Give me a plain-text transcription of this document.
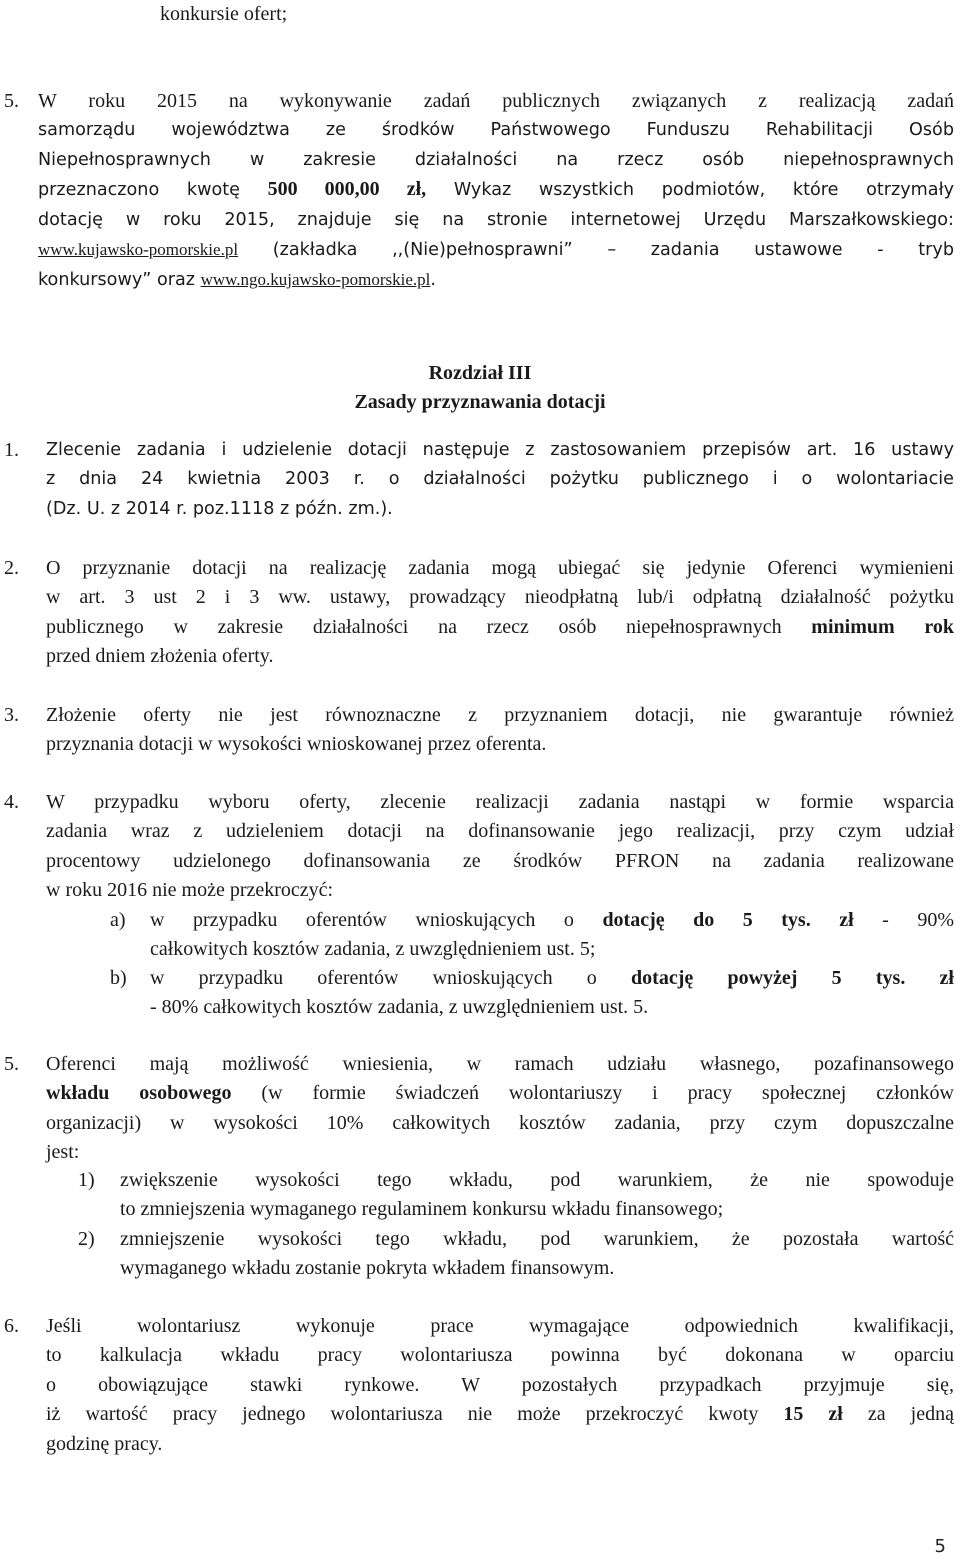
konkursie ofert;
5. W roku 2015 na wykonywanie zadań publicznych związanych z realizacją zadań
samorządu województwa ze środków Państwowego Funduszu Rehabilitacji Osób
Niepełnosprawnych w zakresie działalności na rzecz osób niepełnosprawnych
przeznaczono kwotę 500 000,00 zł, Wykaz wszystkich podmiotów, które otrzymały
dotację w roku 2015, znajduje się na stronie internetowej Urzędu Marszałkowskiego:
www.kujawsko-pomorskie.pl (zakładka ,,(Nie)pełnosprawni” – zadania ustawowe - tryb
konkursowy” oraz www.ngo.kujawsko-pomorskie.pl.
Rozdział III
Zasady przyznawania dotacji
1. Zlecenie zadania i udzielenie dotacji następuje z zastosowaniem przepisów art. 16 ustawy
z dnia 24 kwietnia 2003 r. o działalności pożytku publicznego i o wolontariacie
(Dz. U. z 2014 r. poz.1118 z późn. zm.).
2. O przyznanie dotacji na realizację zadania mogą ubiegać się jedynie Oferenci wymienieni
w art. 3 ust 2 i 3 ww. ustawy, prowadzący nieodpłatną lub/i odpłatną działalność pożytku
publicznego w zakresie działalności na rzecz osób niepełnosprawnych minimum rok
przed dniem złożenia oferty.
3. Złożenie oferty nie jest równoznaczne z przyznaniem dotacji, nie gwarantuje również
przyznania dotacji w wysokości wnioskowanej przez oferenta.
4. W przypadku wyboru oferty, zlecenie realizacji zadania nastąpi w formie wsparcia
zadania wraz z udzieleniem dotacji na dofinansowanie jego realizacji, przy czym udział
procentowy udzielonego dofinansowania ze środków PFRON na zadania realizowane
w roku 2016 nie może przekroczyć:
a) w przypadku oferentów wnioskujących o dotację do 5 tys. zł - 90%
całkowitych kosztów zadania, z uwzględnieniem ust. 5;
b) w przypadku oferentów wnioskujących o dotację powyżej 5 tys. zł
- 80% całkowitych kosztów zadania, z uwzględnieniem ust. 5.
5. Oferenci mają możliwość wniesienia, w ramach udziału własnego, pozafinansowego
wkładu osobowego (w formie świadczeń wolontariuszy i pracy społecznej członków
organizacji) w wysokości 10% całkowitych kosztów zadania, przy czym dopuszczalne
jest:
1) zwiększenie wysokości tego wkładu, pod warunkiem, że nie spowoduje
to zmniejszenia wymaganego regulaminem konkursu wkładu finansowego;
2) zmniejszenie wysokości tego wkładu, pod warunkiem, że pozostała wartość
wymaganego wkładu zostanie pokryta wkładem finansowym.
6. Jeśli wolontariusz wykonuje prace wymagające odpowiednich kwalifikacji,
to kalkulacja wkładu pracy wolontariusza powinna być dokonana w oparciu
o obowiązujące stawki rynkowe. W pozostałych przypadkach przyjmuje się,
iż wartość pracy jednego wolontariusza nie może przekroczyć kwoty 15 zł za jedną
godzinę pracy.
5
